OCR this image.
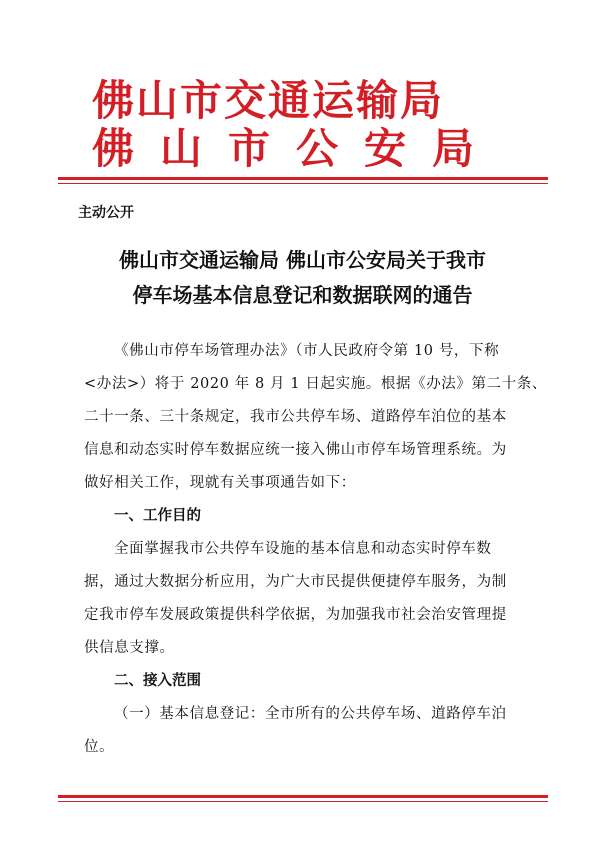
佛山市交通运输局
佛山市公安局
主动公开
佛山市交通运输局 佛山市公安局关于我市
停车场基本信息登记和数据联网的通告
《佛山市停车场管理办法》（市人民政府令第 10 号，下称
<办法>）将于 2020 年 8 月 1 日起实施。根据《办法》第二十条、
二十一条、三十条规定，我市公共停车场、道路停车泊位的基本
信息和动态实时停车数据应统一接入佛山市停车场管理系统。为
做好相关工作，现就有关事项通告如下：
一、工作目的
全面掌握我市公共停车设施的基本信息和动态实时停车数
据，通过大数据分析应用，为广大市民提供便捷停车服务，为制
定我市停车发展政策提供科学依据，为加强我市社会治安管理提
供信息支撑。
二、接入范围
（一）基本信息登记：全市所有的公共停车场、道路停车泊
位。
